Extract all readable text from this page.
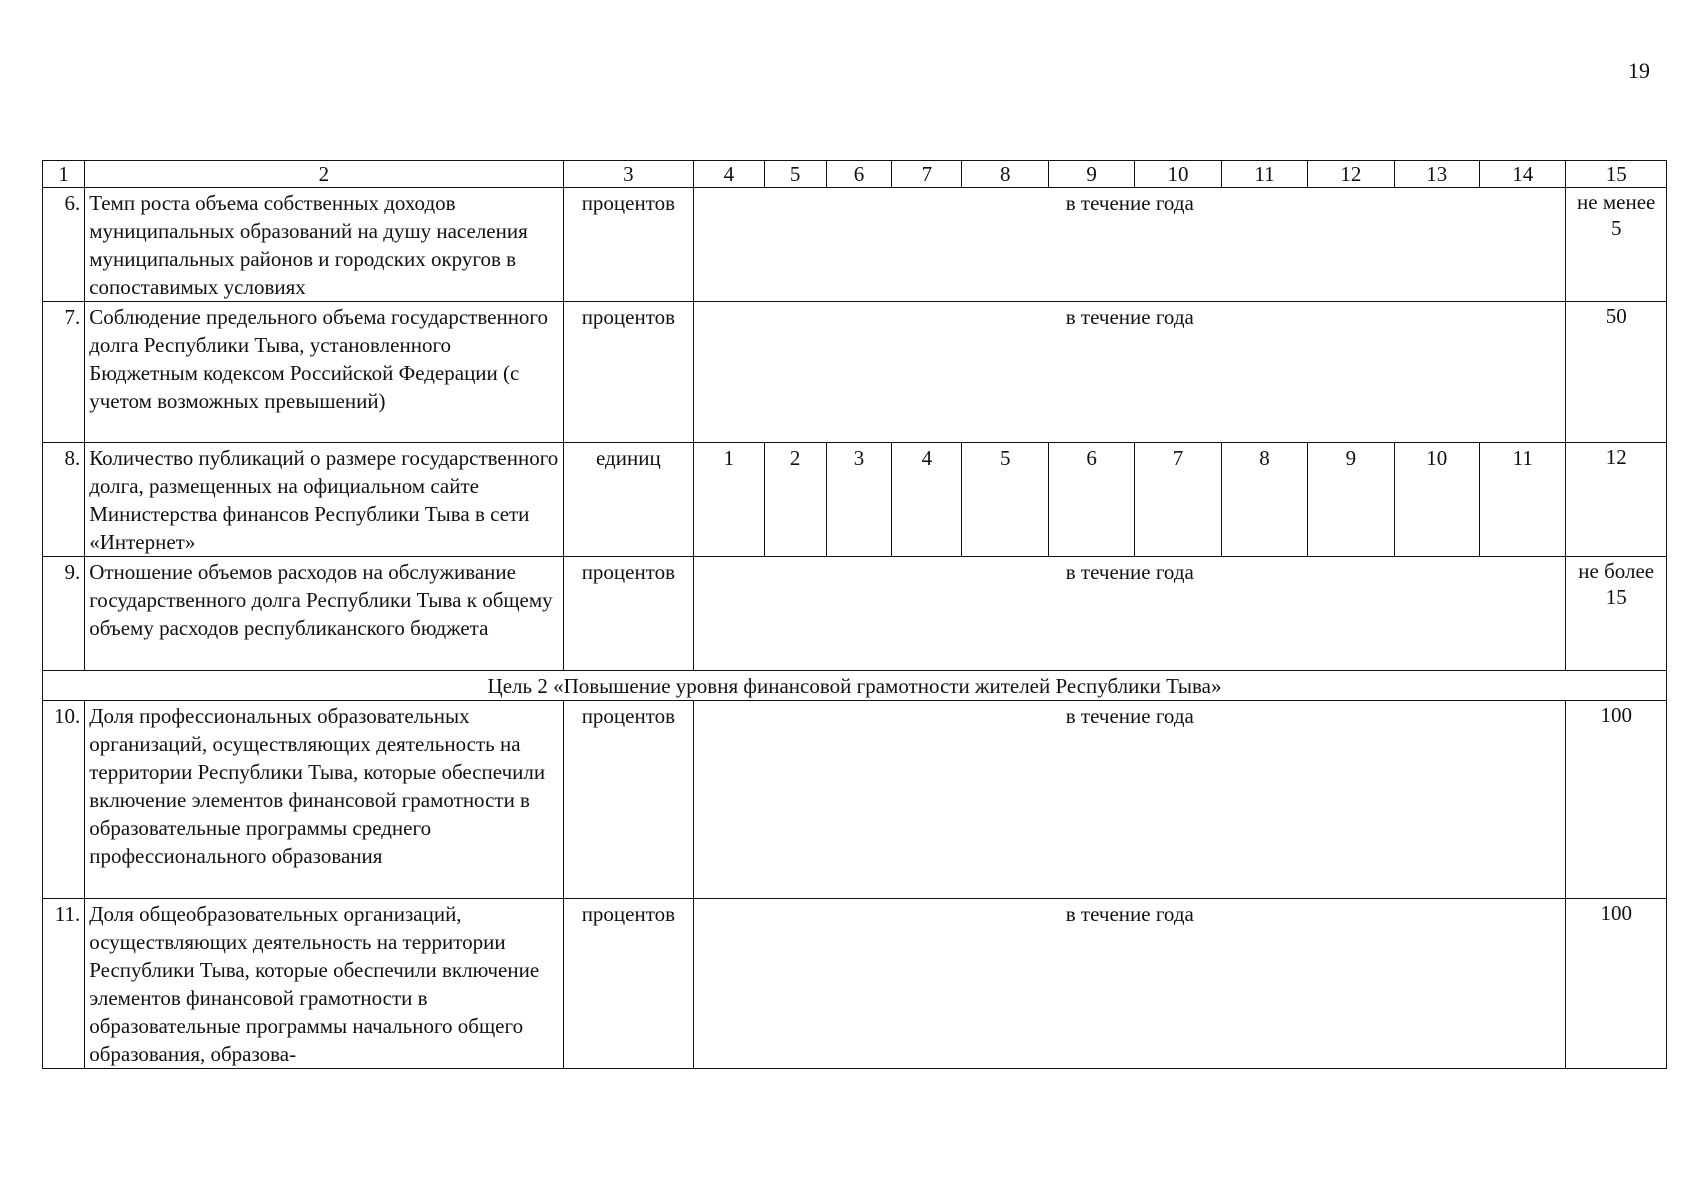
19
1	2	3	4	5	6	7	8	9	10	11	12	13	14	15
6.	Темп роста объема собственных доходов муниципальных образований на душу населения муниципальных районов и городских округов в сопоставимых условиях	процентов	в течение года											не менее 5
7.	Соблюдение предельного объема государственного долга Республики Тыва, установленного Бюджетным кодексом Российской Федерации (с учетом возможных превышений)	процентов	в течение года											50
8.	Количество публикаций о размере государственного долга, размещенных на официальном сайте Министерства финансов Республики Тыва в сети «Интернет»	единиц	1	2	3	4	5	6	7	8	9	10	11	12
9.	Отношение объемов расходов на обслуживание государственного долга Республики Тыва к общему объему расходов республиканского бюджета	процентов	в течение года											не более 15
Цель 2 «Повышение уровня финансовой грамотности жителей Республики Тыва»														
10.	Доля профессиональных образовательных организаций, осуществляющих деятельность на территории Республики Тыва, которые обеспечили включение элементов финансовой грамотности в образовательные программы среднего профессионального образования	процентов	в течение года											100
11.	Доля общеобразовательных организаций, осуществляющих деятельность на территории Республики Тыва, которые обеспечили включение элементов финансовой грамотности в образовательные программы начального общего образования, образова-	процентов	в течение года											100
